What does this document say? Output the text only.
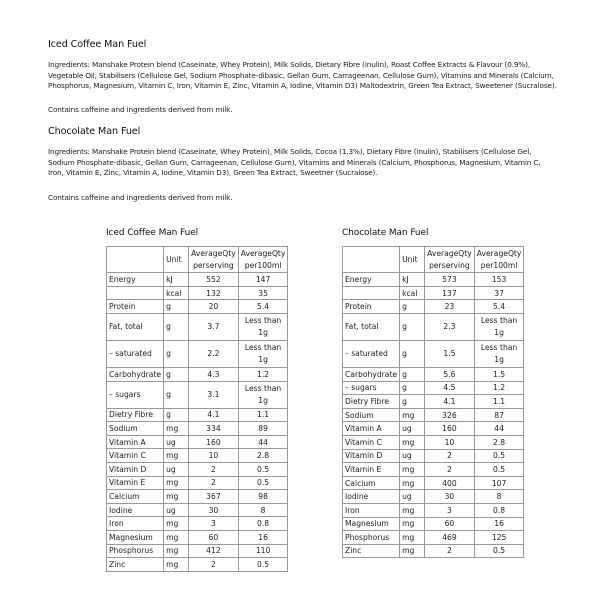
Iced Coffee Man Fuel

Ingredients: Manshake Protein blend (Caseinate, Whey Protein), Milk Solids, Dietary Fibre (inulin), Roast Coffee Extracts & Flavour (0.9%), Vegetable Oil, Stabilisers (Cellulose Gel, Sodium Phosphate-dibasic, Gellan Gum, Carrageenan, Cellulose Gum), Vitamins and Minerals (Calcium, Phosphorus, Magnesium, Vitamin C, Iron, Vitamin E, Zinc, Vitamin A, Iodine, Vitamin D3) Maltodextrin, Green Tea Extract, Sweetener (Sucralose).

Contains caffeine and ingredients derived from milk.

Chocolate Man Fuel

Ingredients: Manshake Protein blend (Caseinate, Whey Protein), Milk Solids, Cocoa (1.3%), Dietary Fibre (inulin), Stabilisers (Cellulose Gel, Sodium Phosphate-dibasic, Gellan Gum, Carrageenan, Cellulose Gum), Vitamins and Minerals (Calcium, Phosphorus, Magnesium, Vitamin C, Iron, Vitamin E, Zinc, Vitamin A, Iodine, Vitamin D3), Green Tea Extract, Sweetner (Sucralose).

Contains caffeine and ingredients derived from milk.

Iced Coffee Man Fuel

	Unit	AverageQty perserving	AverageQty per100ml
Energy	kJ	552	147
	kcal	132	35
Protein	g	20	5.4
Fat, total	g	3.7	Less than
1g

– saturated	g	2.2	Less than
1g

Carbohydrate	g	4.3	1.2
– sugars	g	3.1	Less than
1g

Dietry Fibre	g	4.1	1.1
Sodium	mg	334	89
Vitamin A	ug	160	44
Vitamin C	mg	10	2.8
Vitamin D	ug	2	0.5
Vitamin E	mg	2	0.5
Calcium	mg	367	98
Iodine	ug	30	8
Iron	mg	3	0.8
Magnesium	mg	60	16
Phosphorus	mg	412	110
Zinc	mg	2	0.5

Chocolate Man Fuel

	Unit	AverageQty perserving	AverageQty per100ml
Energy	kJ	573	153
	kcal	137	37
Protein	g	23	5.4
Fat, total	g	2.3	Less than
1g

– saturated	g	1.5	Less than
1g

Carbohydrate	g	5.6	1.5
– sugars	g	4.5	1.2
Dietry Fibre	g	4.1	1.1
Sodium	mg	326	87
Vitamin A	ug	160	44
Vitamin C	mg	10	2.8
Vitamin D	ug	2	0.5
Vitamin E	mg	2	0.5
Calcium	mg	400	107
Iodine	ug	30	8
Iron	mg	3	0.8
Magnesium	mg	60	16
Phosphorus	mg	469	125
Zinc	mg	2	0.5
